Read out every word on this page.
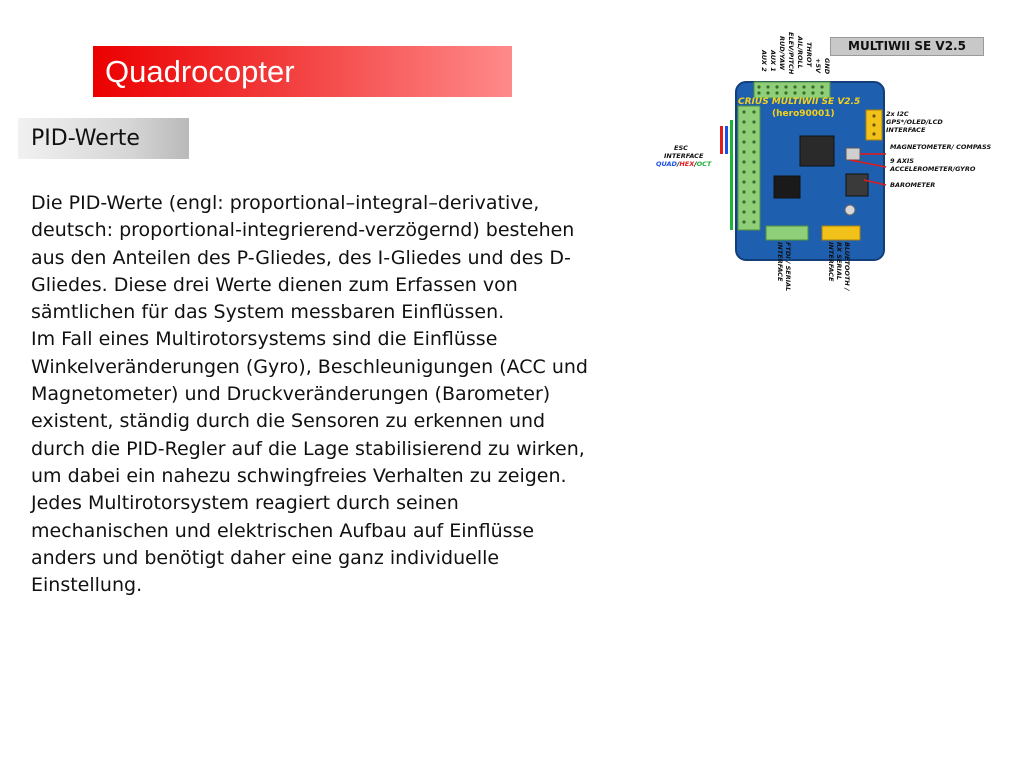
Quadrocopter
PID-Werte
Die PID-Werte (engl: proportional–integral–derivative,
deutsch: proportional-integrierend-verzögernd) bestehen
aus den Anteilen des P-Gliedes, des I-Gliedes und des D-
Gliedes. Diese drei Werte dienen zum Erfassen von
sämtlichen für das System messbaren Einflüssen.
Im Fall eines Multirotorsystems sind die Einflüsse
Winkelveränderungen (Gyro), Beschleunigungen (ACC und
Magnetometer) und Druckveränderungen (Barometer)
existent, ständig durch die Sensoren zu erkennen und
durch die PID-Regler auf die Lage stabilisierend zu wirken,
um dabei ein nahezu schwingfreies Verhalten zu zeigen.
Jedes Multirotorsystem reagiert durch seinen
mechanischen und elektrischen Aufbau auf Einflüsse
anders und benötigt daher eine ganz individuelle
Einstellung.
MULTIWII SE V2.5
CRIUS MULTIWII SE V2.5
(hero90001)
AUX 2 AUX 1 RUD/YAW ELEV/PITCH AIL/ROLL THROT +5V GND
ESC
INTERFACE
QUAD/HEX/OCT
2x I2C
GPS*/OLED/LCD
INTERFACE
MAGNETOMETER/ COMPASS
9 AXIS
ACCELEROMETER/GYRO
BAROMETER
FTDI / SERIAL
INTERFACE	BLUETOOTH /
RX SERIAL
INTERFACE
